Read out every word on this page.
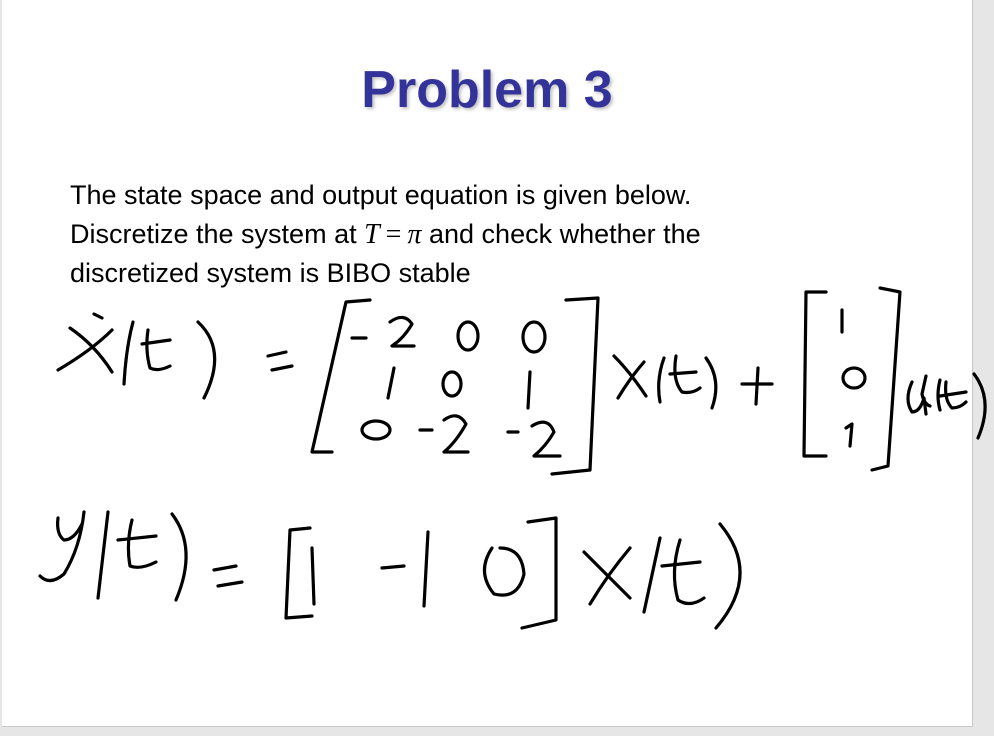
Problem 3
The state space and output equation is given below.
Discretize the system at T = π and check whether the
discretized system is BIBO stable
